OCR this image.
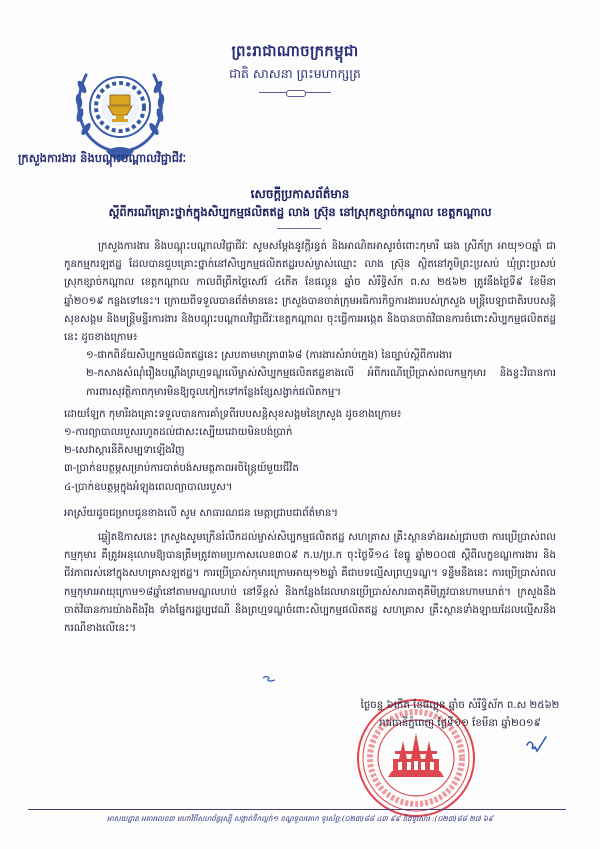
ព្រះរាជាណាចក្រកម្ពុជា
ជាតិ សាសនា ព្រះមហាក្សត្រ
ក្រសួងការងារ និងបណ្តុះបណ្តាលវិជ្ជាជីវៈ
សេចក្តីប្រកាសព័ត៌មាន
ស្តីពីករណីគ្រោះថ្នាក់ក្នុងសិប្បកម្មផលិតឥដ្ឋ លាង ស្រ៊ុន នៅស្រុកខ្សាច់កណ្តាល ខេត្តកណ្តាល

ក្រសួងការងារ និងបណ្តុះបណ្តាលវិជ្ជាជីវៈ សូមសម្តែងនូវក្តីរន្ធត់ និងអាណិតអាសូរចំពោះកុមារី ឆេង ស្រីភ័ក្រ អាយុ១០ឆ្នាំ ជាកូនកម្មករឡឥដ្ឋ ដែលបានជួបគ្រោះថ្នាក់នៅសិប្បកម្មផលិតឥដ្ឋរបស់ម្ចាស់ឈ្មោះ លាង ស្រ៊ុន ស្ថិតនៅភូមិព្រះប្រសប់ ឃុំព្រះប្រសប់ ស្រុកខ្សាច់កណ្តាល ខេត្តកណ្តាល កាលពីព្រឹកថ្ងៃសៅរ៍ ៤កើត ខែផល្គុន ឆ្នាំច សំរឹទ្ធិស័ក ព.ស ២៥៦២ ត្រូវនឹងថ្ងៃទី៩ ខែមីនា ឆ្នាំ២០១៩ កន្លងទៅនេះ។ ក្រោយពីទទួលបានព័ត៌មាននេះ ក្រសួងបានចាត់ក្រុមអធិការកិច្ចការងាររបស់ក្រសួង មន្ត្រីបេឡាជាតិរបបសន្តិសុខសង្គម និងមន្ត្រីមន្ទីរការងារ និងបណ្តុះបណ្តាលវិជ្ជាជីវៈខេត្តកណ្តាល ចុះធ្វើការអង្កេត និងបានចាត់វិធានការចំពោះសិប្បកម្មផលិតឥដ្ឋនេះ ដូចខាងក្រោម៖

១-ផាកពិន័យសិប្បកម្មផលិតឥដ្ឋនេះ ស្របតាមមាត្រា៣៦៨ (ការងារសំរាប់ក្មេង) នៃច្បាប់ស្តីពីការងារ

២-កសាងសំណុំរឿងបណ្តឹងព្រហ្មទណ្ឌលើម្ចាស់សិប្បកម្មផលិតឥដ្ឋខាងលើ អំពីករណីប្រើប្រាស់ពលកម្មកុមារ និងខ្វះវិធានការការពារសុវត្ថិភាពកុមារមិនឱ្យចូលកៀកទៅកន្លែងខ្សែសង្វាក់ផលិតកម្ម។

ដោយឡែក កុមារីរងគ្រោះទទួលបានការគាំទ្រពីរបបសន្តិសុខសង្គមនៃក្រសួង ដូចខាងក្រោម៖

១-ការព្យាបាលរបួសរហូតដល់ជាសះស្បើយដោយមិនបង់ប្រាក់

២-សេវាស្តារនីតិសម្បទាឡើងវិញ

៣-ប្រាក់ឧបត្ថម្ភសម្រាប់ការបាត់បង់សមត្ថភាពអចិន្ត្រៃយ៍មួយជីវិត

៤-ប្រាក់ឧបត្ថម្ភក្នុងអំឡុងពេលព្យាបាលរបួស។

អាស្រ័យដូចជម្រាបជូនខាងលើ សូម សាធារណជន មេត្តាជ្រាបជាព័ត៌មាន។

ឆ្លៀតឱកាសនេះ ក្រសួងសូមក្រើនរំលឹកដល់ម្ចាស់សិប្បកម្មផលិតឥដ្ឋ សហគ្រាស គ្រឹះស្ថានទាំងអស់ជ្រាបថា ការប្រើប្រាស់ពលកម្មកុមារ គឺត្រូវអនុលោមឱ្យបានត្រឹមត្រូវតាមប្រកាសលេខ៣០៩ ក.ប/ប្រ.ក ចុះថ្ងៃទី១៤ ខែធ្នូ ឆ្នាំ២០០៧ ស្តីពីលក្ខខណ្ឌការងារ និងជីវភាពរស់នៅក្នុងសហគ្រាសឡឥដ្ឋ។ ការប្រើប្រាស់កុមារក្រោមអាយុ១២ឆ្នាំ គឺជាបទល្មើសព្រហ្មទណ្ឌ។ ទន្ទឹមនឹងនេះ ការប្រើប្រាស់ពលកម្មកុមារអាយុក្រោម១៨ឆ្នាំនៅតាមមណ្ឌលហប់ នៅទីខ្ពស់ និងកន្លែងដែលមានប្រើប្រាស់សារធាតុគីមីត្រូវបានហាមឃាត់។ ក្រសួងនឹងចាត់វិធានការយ៉ាងតឹងរ៉ឹង ទាំងផ្នែករដ្ឋប្បវេណី និងព្រហ្មទណ្ឌចំពោះសិប្បកម្មផលិតឥដ្ឋ សហគ្រាស គ្រឹះស្ថានទាំងឡាយដែលល្មើសនឹងករណីខាងលើនេះ។

ថ្ងៃចន្ទ ៦កើត ខែផល្គុន ឆ្នាំច សំរឹទ្ធិស័ក ព.ស ២៥៦២
រាជធានីភ្នំពេញ ថ្ងៃទី១១ ខែមីនា ឆ្នាំ២០១៩
អាសយដ្ឋាន អគារលេខ៣ មហាវិថីសហព័ន្ធរុស្ស៊ី សង្កាត់ទឹកល្អក់១ ខណ្ឌទួលគោក ទូរស័ព្ទ:(០២៣)៨៨ ៤៣ ៩៩ និងទូរសារ :(០២៣)៨៨ ២៧ ៦៩
